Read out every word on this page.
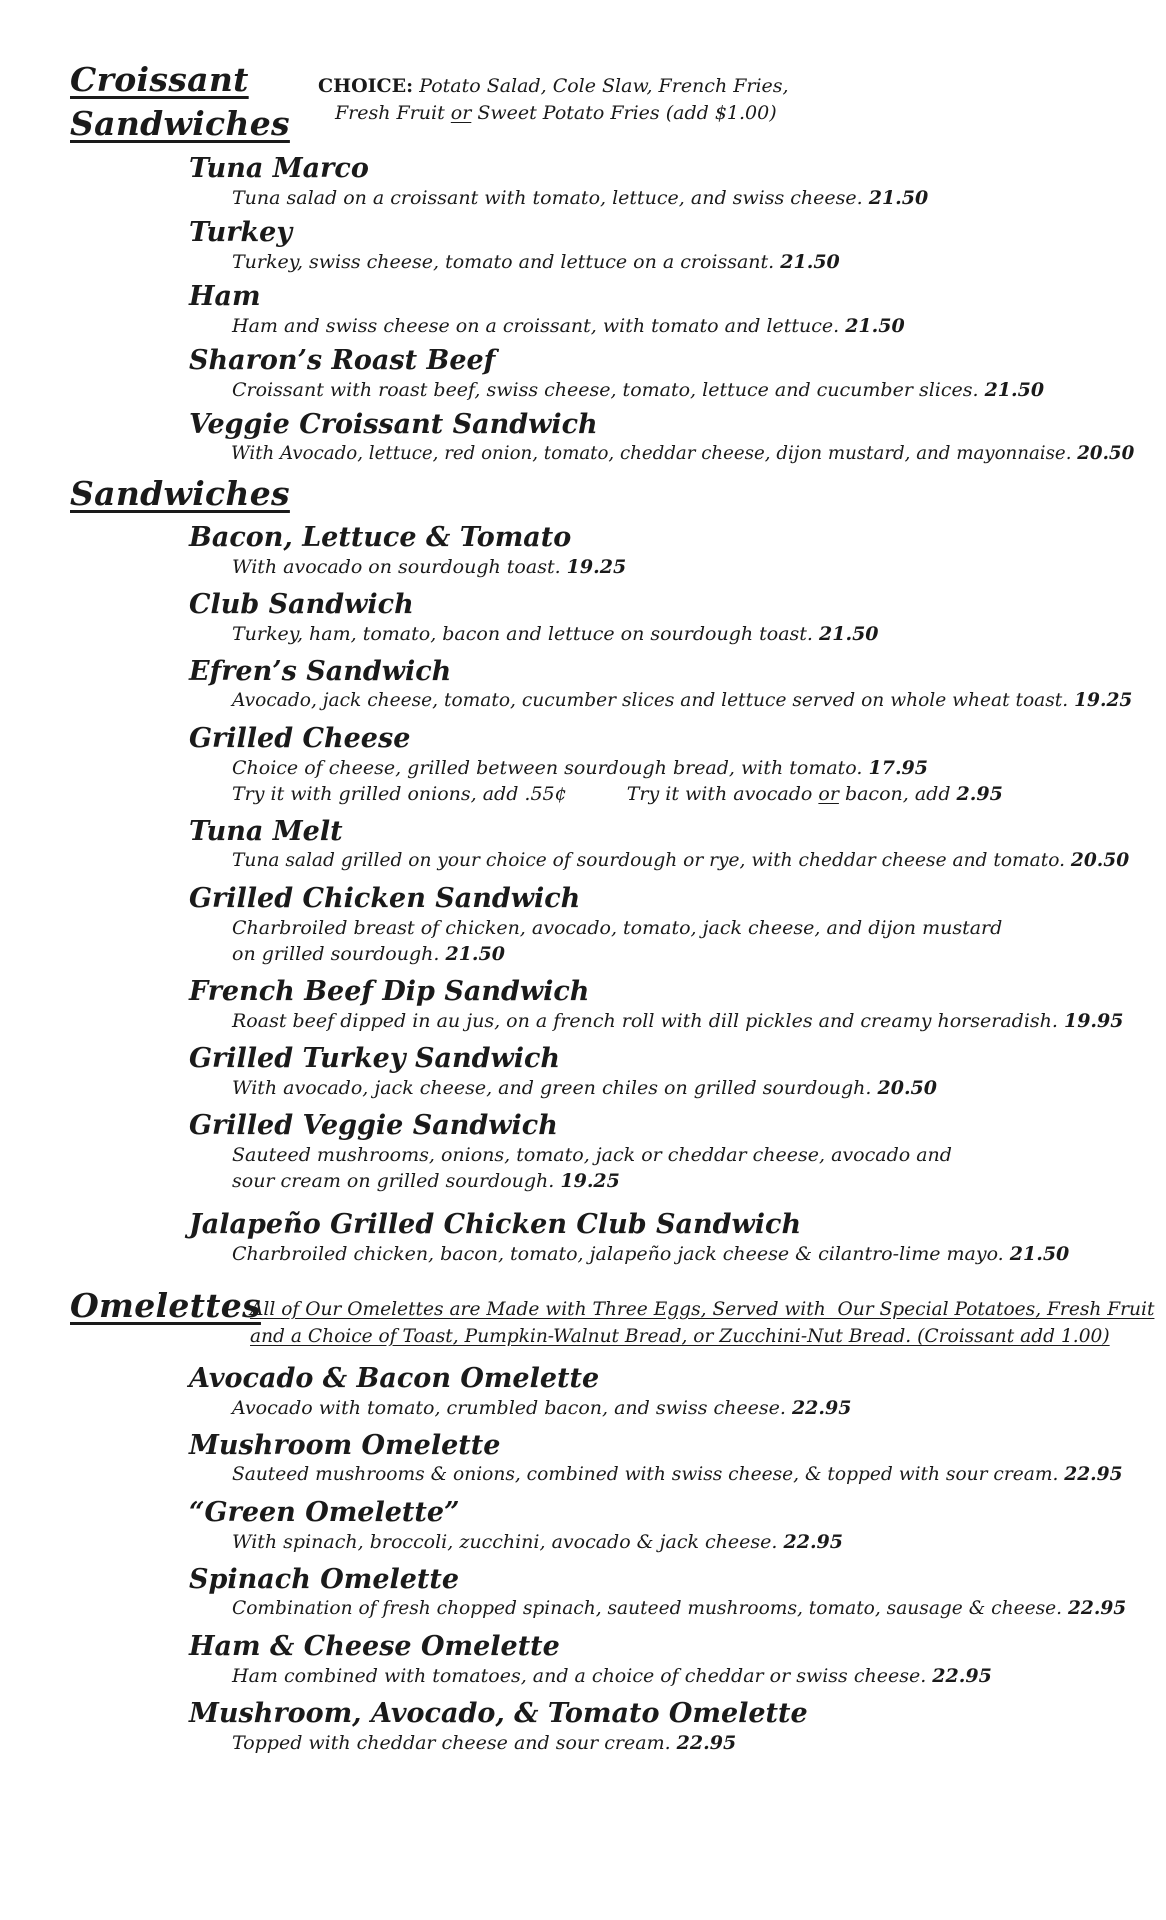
Croissant
Sandwiches
CHOICE: Potato Salad, Cole Slaw, French Fries,
Fresh Fruit or Sweet Potato Fries (add $1.00)
Tuna Marco
Tuna salad on a croissant with tomato, lettuce, and swiss cheese. 21.50
Turkey
Turkey, swiss cheese, tomato and lettuce on a croissant. 21.50
Ham
Ham and swiss cheese on a croissant, with tomato and lettuce. 21.50
Sharon’s Roast Beef
Croissant with roast beef, swiss cheese, tomato, lettuce and cucumber slices. 21.50
Veggie Croissant Sandwich
With Avocado, lettuce, red onion, tomato, cheddar cheese, dijon mustard, and mayonnaise. 20.50
Sandwiches
Bacon, Lettuce & Tomato
With avocado on sourdough toast. 19.25
Club Sandwich
Turkey, ham, tomato, bacon and lettuce on sourdough toast. 21.50
Efren’s Sandwich
Avocado, jack cheese, tomato, cucumber slices and lettuce served on whole wheat toast. 19.25
Grilled Cheese
Choice of cheese, grilled between sourdough bread, with tomato. 17.95
Try it with grilled onions, add .55¢	Try it with avocado or bacon, add 2.95
Tuna Melt
Tuna salad grilled on your choice of sourdough or rye, with cheddar cheese and tomato. 20.50
Grilled Chicken Sandwich
Charbroiled breast of chicken, avocado, tomato, jack cheese, and dijon mustard on grilled sourdough. 21.50
French Beef Dip Sandwich
Roast beef dipped in au jus, on a french roll with dill pickles and creamy horseradish. 19.95
Grilled Turkey Sandwich
With avocado, jack cheese, and green chiles on grilled sourdough. 20.50
Grilled Veggie Sandwich
Sauteed mushrooms, onions, tomato, jack or cheddar cheese, avocado and sour cream on grilled sourdough. 19.25
Jalapeño Grilled Chicken Club Sandwich
Charbroiled chicken, bacon, tomato, jalapeño jack cheese & cilantro-lime mayo. 21.50
Omelettes
All of Our Omelettes are Made with Three Eggs, Served with  Our Special Potatoes, Fresh Fruit
and a Choice of Toast, Pumpkin-Walnut Bread, or Zucchini-Nut Bread. (Croissant add 1.00)
Avocado & Bacon Omelette
Avocado with tomato, crumbled bacon, and swiss cheese. 22.95
Mushroom Omelette
Sauteed mushrooms & onions, combined with swiss cheese, & topped with sour cream. 22.95
“Green Omelette”
With spinach, broccoli, zucchini, avocado & jack cheese. 22.95
Spinach Omelette
Combination of fresh chopped spinach, sauteed mushrooms, tomato, sausage & cheese. 22.95
Ham & Cheese Omelette
Ham combined with tomatoes, and a choice of cheddar or swiss cheese. 22.95
Mushroom, Avocado, & Tomato Omelette
Topped with cheddar cheese and sour cream. 22.95
